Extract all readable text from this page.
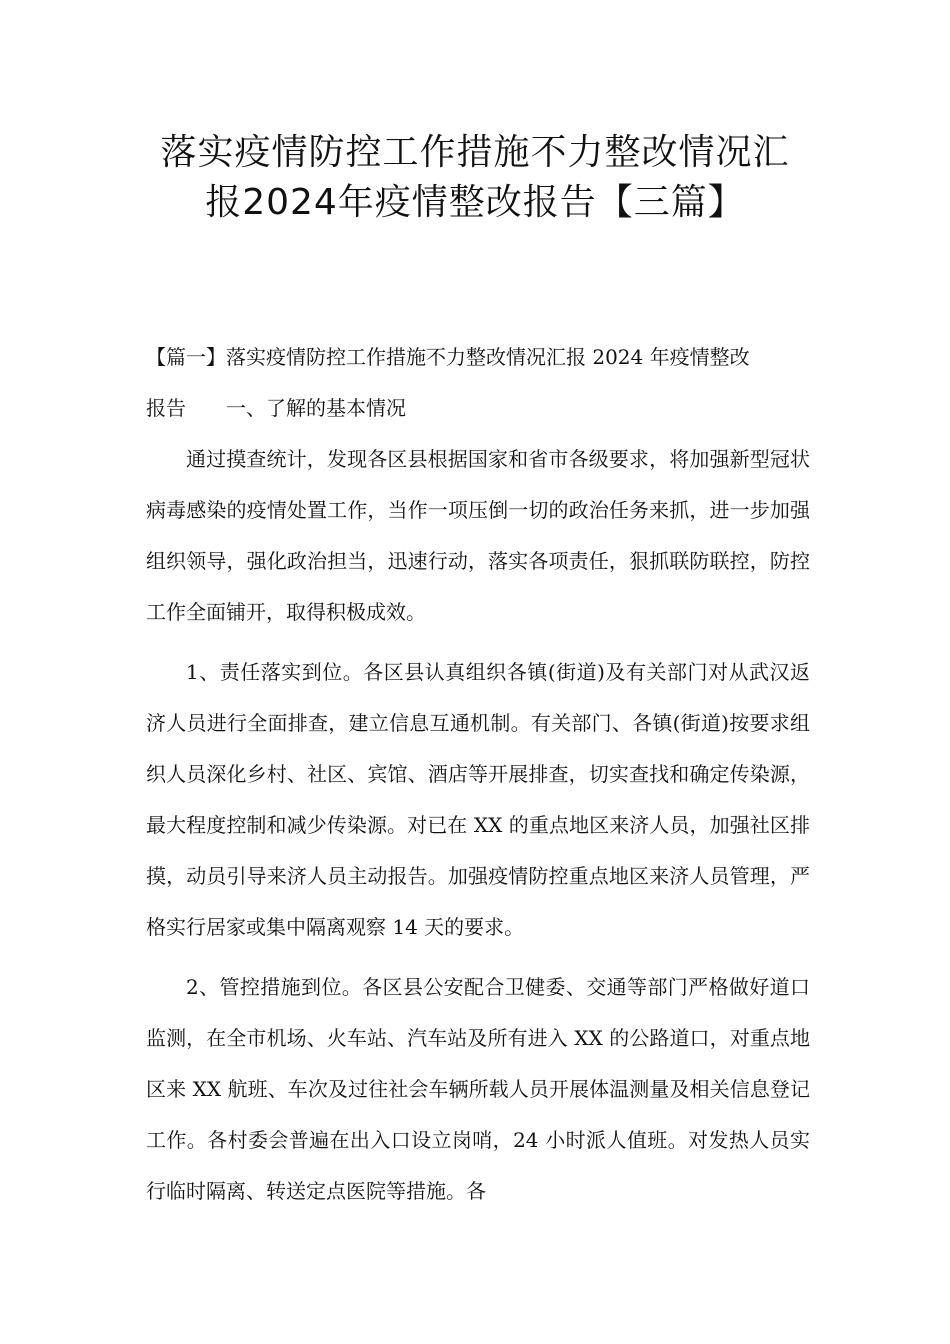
落实疫情防控工作措施不力整改情况汇
报2024年疫情整改报告【三篇】

【篇一】落实疫情防控工作措施不力整改情况汇报 2024 年疫情整改

报告 一、了解的基本情况

通过摸查统计，发现各区县根据国家和省市各级要求，将加强新型冠状病毒感染的疫情处置工作，当作一项压倒一切的政治任务来抓，进一步加强组织领导，强化政治担当，迅速行动，落实各项责任，狠抓联防联控，防控工作全面铺开，取得积极成效。

1、责任落实到位。各区县认真组织各镇(街道)及有关部门对从武汉返济人员进行全面排查，建立信息互通机制。有关部门、各镇(街道)按要求组织人员深化乡村、社区、宾馆、酒店等开展排查，切实查找和确定传染源，最大程度控制和减少传染源。对已在 XX 的重点地区来济人员，加强社区排摸，动员引导来济人员主动报告。加强疫情防控重点地区来济人员管理，严格实行居家或集中隔离观察 14 天的要求。

2、管控措施到位。各区县公安配合卫健委、交通等部门严格做好道口监测，在全市机场、火车站、汽车站及所有进入 XX 的公路道口，对重点地区来 XX 航班、车次及过往社会车辆所载人员开展体温测量及相关信息登记工作。各村委会普遍在出入口设立岗哨，24 小时派人值班。对发热人员实行临时隔离、转送定点医院等措施。各
